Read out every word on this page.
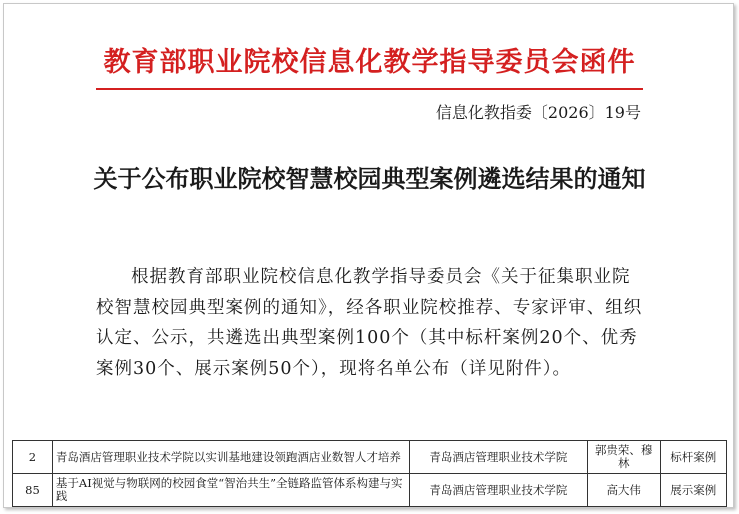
教育部职业院校信息化教学指导委员会函件
信息化教指委〔2026〕19号
关于公布职业院校智慧校园典型案例遴选结果的通知
根据教育部职业院校信息化教学指导委员会《关于征集职业院校智慧校园典型案例的通知》，经各职业院校推荐、专家评审、组织认定、公示，共遴选出典型案例100个（其中标杆案例20个、优秀案例30个、展示案例50个），现将名单公布（详见附件）。
2	青岛酒店管理职业技术学院以实训基地建设领跑酒店业数智人才培养	青岛酒店管理职业技术学院	郭贵荣、穆林	标杆案例
85	基于AI视觉与物联网的校园食堂“智治共生”全链路监管体系构建与实践	青岛酒店管理职业技术学院	高大伟	展示案例
